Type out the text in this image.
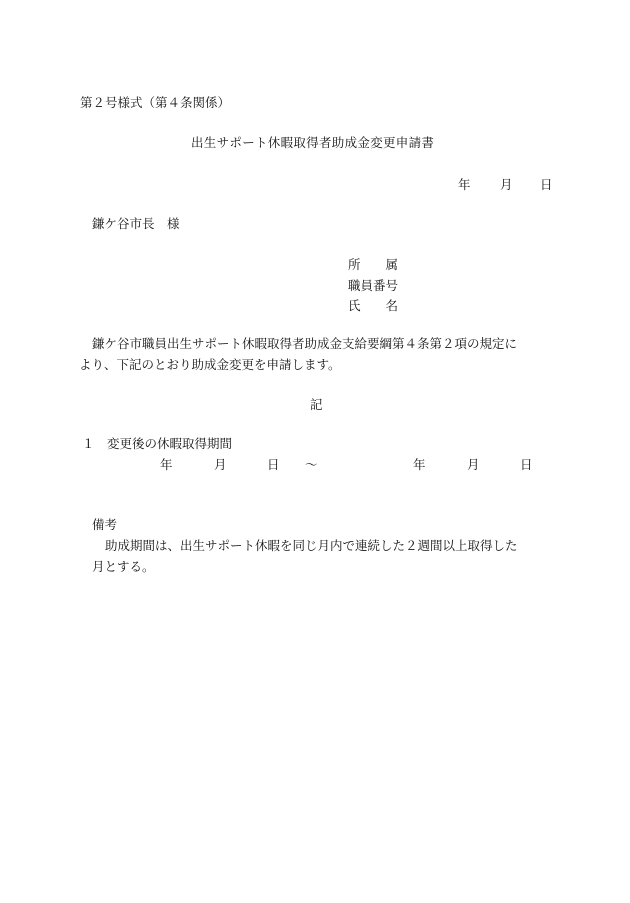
第２号様式（第４条関係）
出生サポート休暇取得者助成金変更申請書
年 月 日
鎌ケ谷市長　様
所　　属
職員番号
氏　　名
鎌ケ谷市職員出生サポート休暇取得者助成金支給要綱第４条第２項の規定に
より、下記のとおり助成金変更を申請します。
記
１　変更後の休暇取得期間
年	月	日 ～	年	月	日
備考
助成期間は、出生サポート休暇を同じ月内で連続した２週間以上取得した
月とする。
